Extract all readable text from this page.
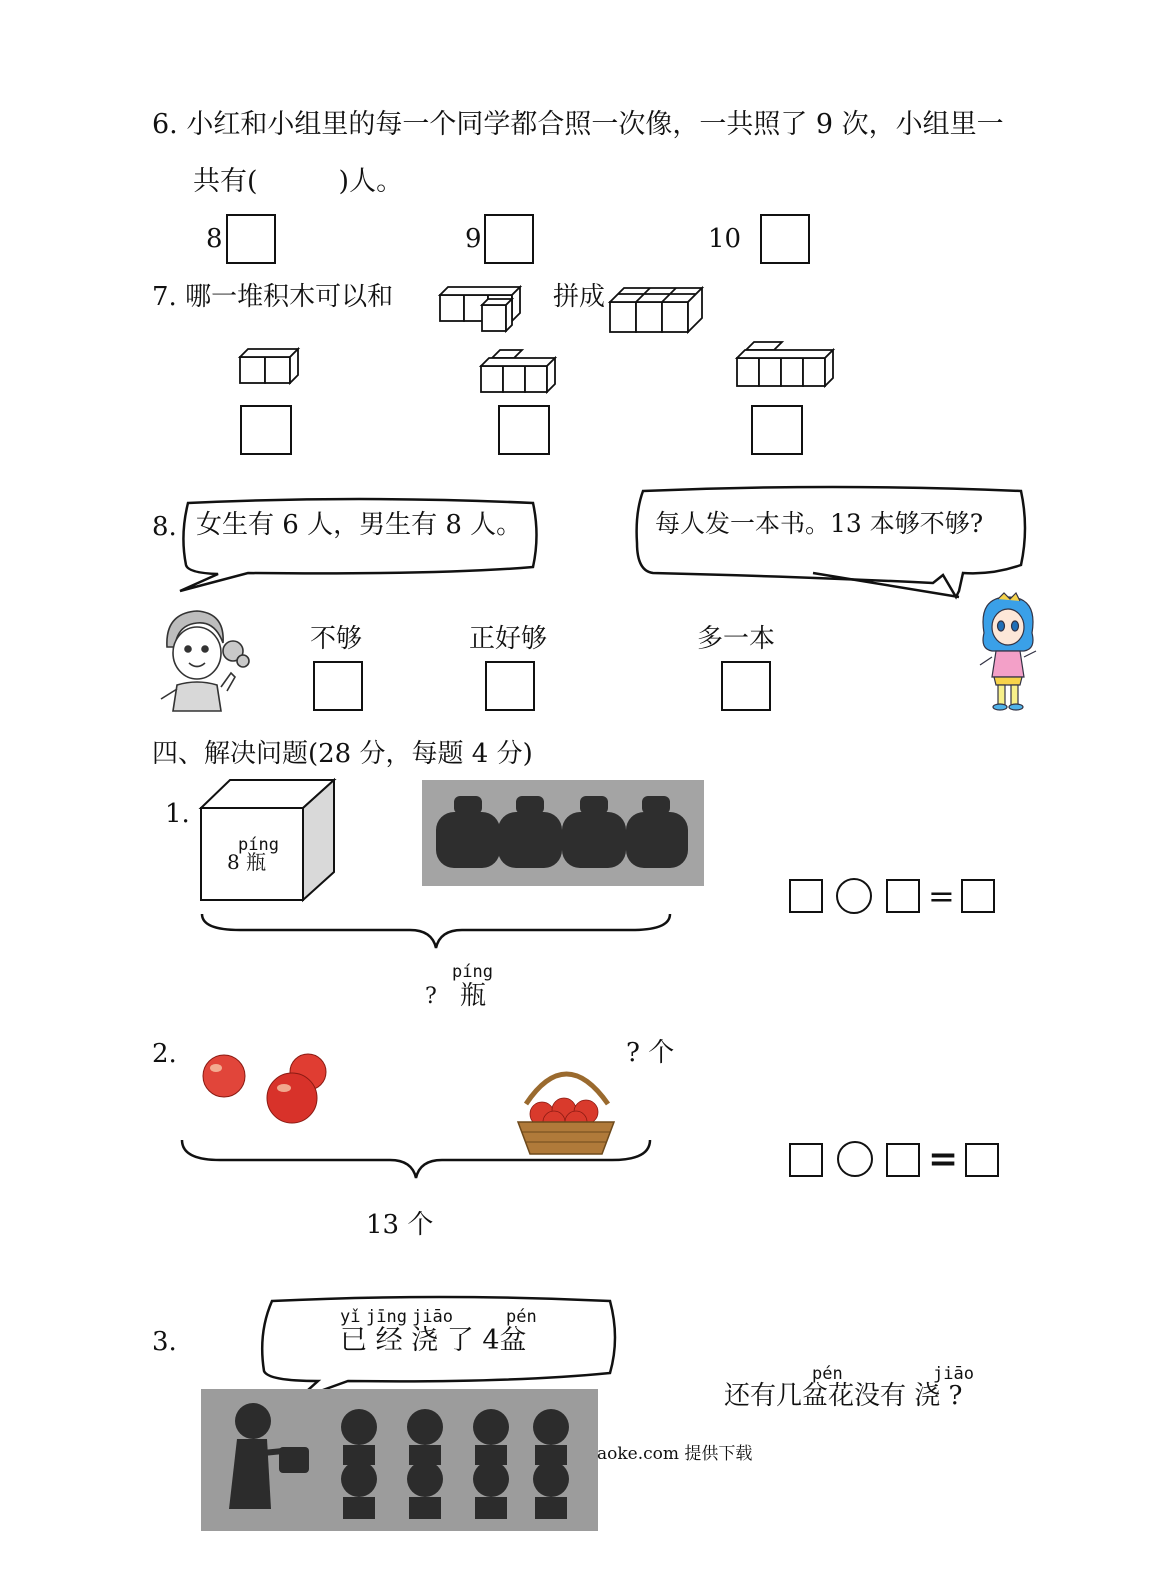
6. 小红和小组里的每一个同学都合照一次像，一共照了 9 次，小组里一
共有(　　　)人。
8	9	10
7. 哪一堆积木可以和	拼成
8. 女生有 6 人，男生有 8 人。	每人发一本书。13 本够不够?
不够	正好够	多一本
四、解决问题(28 分，每题 4 分)
1.
píng
8 瓶
píng
? 瓶
=
2.	? 个
13 个
=
3.
yǐ jīng jiāo	pén
已 经 浇 了 4盆
pén	jiāo
还有几盆花没有 浇 ?
aoke.com 提供下载
